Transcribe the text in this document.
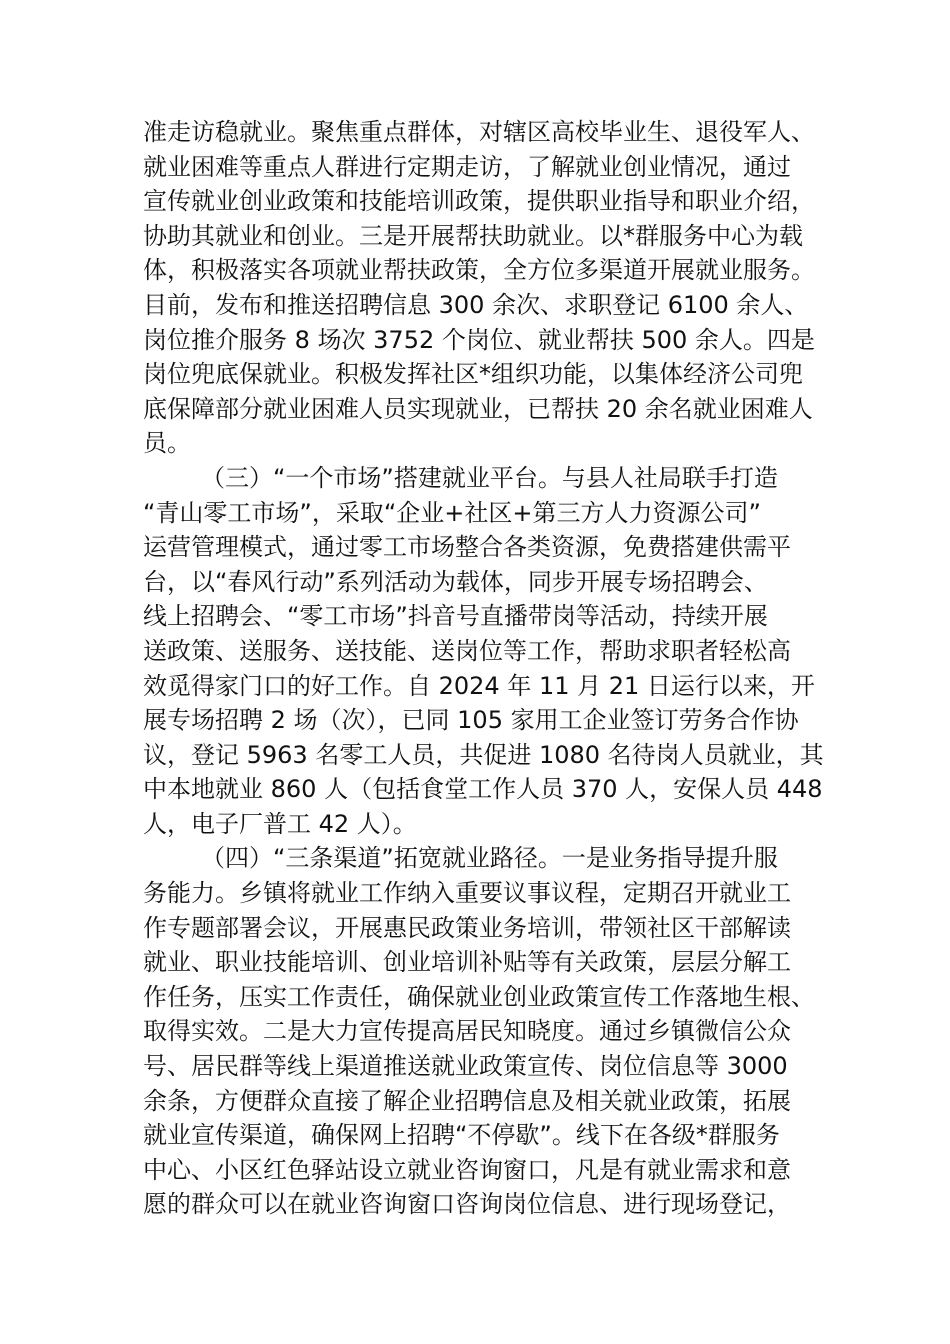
准走访稳就业。聚焦重点群体，对辖区高校毕业生、退役军人、
就业困难等重点人群进行定期走访，了解就业创业情况，通过
宣传就业创业政策和技能培训政策，提供职业指导和职业介绍，
协助其就业和创业。三是开展帮扶助就业。以*群服务中心为载
体，积极落实各项就业帮扶政策，全方位多渠道开展就业服务。
目前，发布和推送招聘信息 300 余次、求职登记 6100 余人、
岗位推介服务 8 场次 3752 个岗位、就业帮扶 500 余人。四是
岗位兜底保就业。积极发挥社区*组织功能，以集体经济公司兜
底保障部分就业困难人员实现就业，已帮扶 20 余名就业困难人
员。
（三）“一个市场”搭建就业平台。与县人社局联手打造
“青山零工市场”，采取“企业+社区+第三方人力资源公司”
运营管理模式，通过零工市场整合各类资源，免费搭建供需平
台，以“春风行动”系列活动为载体，同步开展专场招聘会、
线上招聘会、“零工市场”抖音号直播带岗等活动，持续开展
送政策、送服务、送技能、送岗位等工作，帮助求职者轻松高
效觅得家门口的好工作。自 2024 年 11 月 21 日运行以来，开
展专场招聘 2 场（次），已同 105 家用工企业签订劳务合作协
议，登记 5963 名零工人员，共促进 1080 名待岗人员就业，其
中本地就业 860 人（包括食堂工作人员 370 人，安保人员 448
人，电子厂普工 42 人）。
（四）“三条渠道”拓宽就业路径。一是业务指导提升服
务能力。乡镇将就业工作纳入重要议事议程，定期召开就业工
作专题部署会议，开展惠民政策业务培训，带领社区干部解读
就业、职业技能培训、创业培训补贴等有关政策，层层分解工
作任务，压实工作责任，确保就业创业政策宣传工作落地生根、
取得实效。二是大力宣传提高居民知晓度。通过乡镇微信公众
号、居民群等线上渠道推送就业政策宣传、岗位信息等 3000
余条，方便群众直接了解企业招聘信息及相关就业政策，拓展
就业宣传渠道，确保网上招聘“不停歇”。线下在各级*群服务
中心、小区红色驿站设立就业咨询窗口，凡是有就业需求和意
愿的群众可以在就业咨询窗口咨询岗位信息、进行现场登记，
